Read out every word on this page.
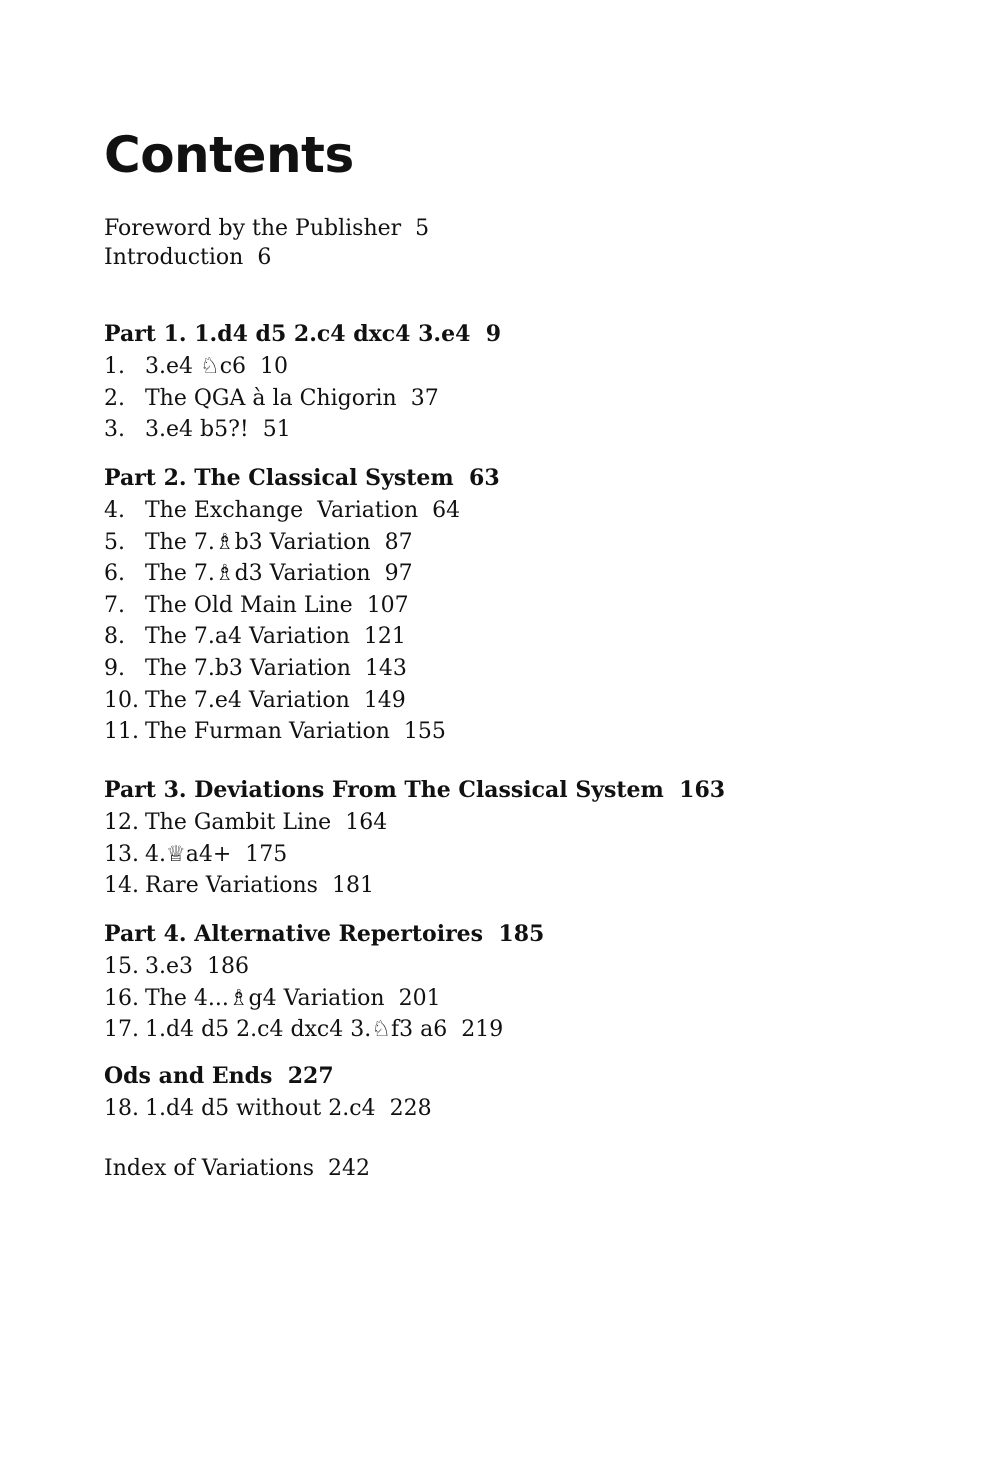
Contents
Foreword by the Publisher 5
Introduction 6
Part 1. 1.d4 d5 2.c4 dxc4 3.e4 9
1. 3.e4 ♘c6 10
2. The QGA à la Chigorin 37
3. 3.e4 b5?! 51
Part 2. The Classical System 63
4. The Exchange  Variation 64
5. The 7.♗b3 Variation 87
6. The 7.♗d3 Variation 97
7. The Old Main Line 107
8. The 7.a4 Variation 121
9. The 7.b3 Variation 143
10. The 7.e4 Variation 149
11. The Furman Variation 155
Part 3. Deviations From The Classical System 163
12. The Gambit Line 164
13. 4.♕a4+ 175
14. Rare Variations 181
Part 4. Alternative Repertoires 185
15. 3.e3 186
16. The 4...♗g4 Variation 201
17. 1.d4 d5 2.c4 dxc4 3.♘f3 a6 219
Ods and Ends 227
18. 1.d4 d5 without 2.c4 228
Index of Variations 242
